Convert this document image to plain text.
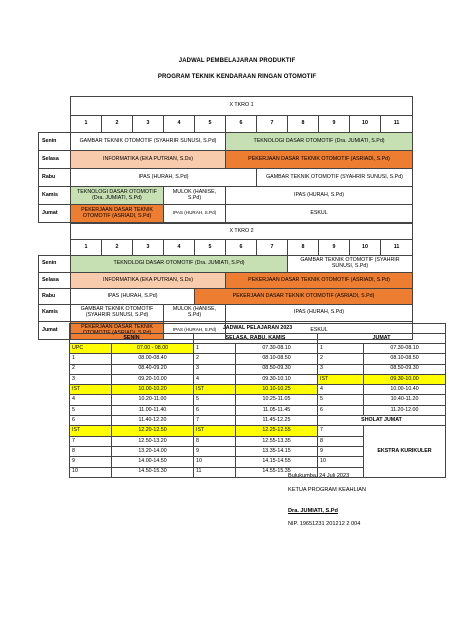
JADWAL PEMBELAJARAN PRODUKTIF
PROGRAM TEKNIK KENDARAAN RINGAN OTOMOTIF
	X TKRO 1										
	1	2	3	4	5	6	7	8	9	10	11
Senin	GAMBAR TEKNIK OTOMOTIF (SYAHRIR SUNUSI, S.Pd)					TEKNOLOGI DASAR OTOMOTIF (Dra. JUMIATI, S.Pd)					
Selasa	INFORMATIKA (EKA PUTRIAN, S.Ds)					PEKERJAAN DASAR TEKNIK OTOMOTIF (ASRIADI, S.Pd)					
Rabu	IPAS (HURAH, S.Pd)						GAMBAR TEKNIK OTOMOTIF (SYAHRIR SUNUSI, S.Pd)				
Kamis	TEKNOLOGI DASAR OTOMOTIF (Dra. JUMIATI, S.Pd)			MULOK (HANISE, S.Pd)		IPAS (HURAH, S.Pd)					
Jumat	PEKERJAAN DASAR TEKNIK OTOMOTIF (ASRIADI, S.Pd)			IPAS (HURAH, S.Pd)		ESKUL					
	X TKRO 2										
	1	2	3	4	5	6	7	8	9	10	11
Senin	TEKNOLOGI DASAR OTOMOTIF (Dra. JUMIATI, S.Pd)							GAMBAR TEKNIK OTOMOTIF (SYAHRIR SUNUSI, S.Pd)			
Selasa	INFORMATIKA (EKA PUTRIAN, S.Ds)					PEKERJAAN DASAR TEKNIK OTOMOTIF (ASRIADI, S.Pd)					
Rabu	IPAS (HURAH, S.Pd)				PEKERJAAN DASAR TEKNIK OTOMOTIF (ASRIADI, S.Pd)						
Kamis	GAMBAR TEKNIK OTOMOTIF (SYAHRIR SUNUSI, S.Pd)			MULOK (HANISE, S.Pd)		IPAS (HURAH, S.Pd)					
Jumat	PEKERJAAN DASAR TEKNIK OTOMOTIF (ASRIADI, S.Pd)			IPAS (HURAH, S.Pd)		ESKUL					
JADWAL PELAJARAN 2023					
SENIN		SELASA, RABU, KAMIS		JUMAT	
UPC	07.00 - 08.00	1	07.30-08.10	1	07.30-08.10
1	08.00-08.40	2	08.10-08.50	2	08.10-08.50
2	08.40-09.20	3	08.50-09.30	3	08.50-09.30
3	09.20-10.00	4	09.30-10.10	IST	09.30-10.00
IST	10.00-10.20	IST	10.10-10.25	4	10.00-10.40
4	10.20-11.00	5	10.25-11.05	5	10.40-11.20
5	11.00-11.40	6	11.05-11.45	6	11.20-12.00
6	11.40-12.20	7	11.45-12.25	SHOLAT JUMAT	
IST	12.20-12.50	IST	12.25-12.55	7	EKSTRA KURIKULER
7	12.50-13.20	8	12.55-13.35	8	
8	13.20-14.00	9	13.35-14.15	9	
9	14.00-14.50	10	14.15-14.55	10	
10	14.50-15.30	11	14.55-15.35		
Bulukumba, 24 Juli 2023
KETUA PROGRAM KEAHLIAN
Dra. JUMIATI, S.Pd
NIP. 19651231 201212 2 004
